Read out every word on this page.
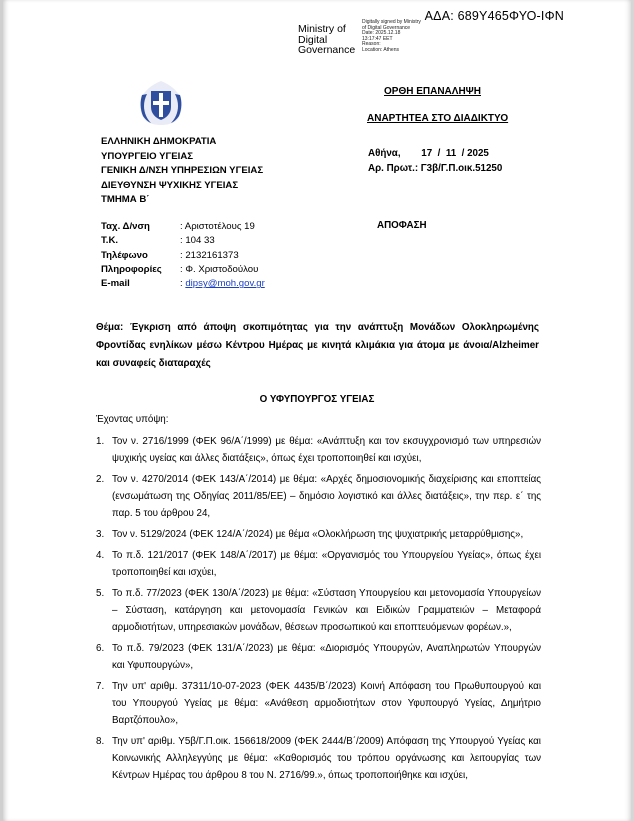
ΑΔΑ: 689Υ465ΦΥΟ-ΙΦΝ
Ministry of
Digital
Governance
Digitally signed by Ministry
of Digital Governance
Date: 2025.12.18
13:17:47 EET
Reason:
Location: Athens
ΟΡΘΗ ΕΠΑΝΑΛΗΨΗ
ΑΝΑΡΤΗΤΕΑ ΣΤΟ ΔΙΑΔΙΚΤΥΟ
ΕΛΛΗΝΙΚΗ ΔΗΜΟΚΡΑΤΙΑ
ΥΠΟΥΡΓΕΙΟ ΥΓΕΙΑΣ
ΓΕΝΙΚΗ Δ/ΝΣΗ ΥΠΗΡΕΣΙΩΝ ΥΓΕΙΑΣ
ΔΙΕΥΘΥΝΣΗ ΨΥΧΙΚΗΣ ΥΓΕΙΑΣ
ΤΜΗΜΑ Β΄
Αθήνα, 17  /  11  / 2025
Αρ. Πρωτ.: Γ3β/Γ.Π.οικ.51250
Ταχ. Δ/νση	: Αριστοτέλους 19
Τ.Κ.	: 104 33
Τηλέφωνο	: 2132161373
Πληροφορίες : Φ. Χριστοδούλου
E-mail	: dipsy@moh.gov.gr
ΑΠΟΦΑΣΗ
Θέμα: Έγκριση από άποψη σκοπιμότητας για την ανάπτυξη Μονάδων Ολοκληρωμένης Φροντίδας ενηλίκων μέσω Κέντρου Ημέρας με κινητά κλιμάκια για άτομα με άνοια/Alzheimer και συναφείς διαταραχές
Ο ΥΦΥΠΟΥΡΓΟΣ ΥΓΕΙΑΣ
Έχοντας υπόψη:
1. Τον ν. 2716/1999 (ΦΕΚ 96/Α΄/1999) με θέμα: «Ανάπτυξη και τον εκσυγχρονισμό των υπηρεσιών ψυχικής υγείας και άλλες διατάξεις», όπως έχει τροποποιηθεί και ισχύει,
2. Τον ν. 4270/2014 (ΦΕΚ 143/Α΄/2014) με θέμα: «Αρχές δημοσιονομικής διαχείρισης και εποπτείας (ενσωμάτωση της Οδηγίας 2011/85/ΕΕ) – δημόσιο λογιστικό και άλλες διατάξεις», την περ. ε΄ της παρ. 5 του άρθρου 24,
3. Τον ν. 5129/2024 (ΦΕΚ 124/Α΄/2024) με θέμα «Ολοκλήρωση της ψυχιατρικής μεταρρύθμισης»,
4. Το π.δ. 121/2017 (ΦΕΚ 148/Α΄/2017) με θέμα: «Οργανισμός του Υπουργείου Υγείας», όπως έχει τροποποιηθεί και ισχύει,
5. Το π.δ. 77/2023 (ΦΕΚ 130/Α΄/2023) με θέμα: «Σύσταση Υπουργείου και μετονομασία Υπουργείων – Σύσταση, κατάργηση και μετονομασία Γενικών και Ειδικών Γραμματειών – Μεταφορά αρμοδιοτήτων, υπηρεσιακών μονάδων, θέσεων προσωπικού και εποπτευόμενων φορέων.»,
6. Το π.δ. 79/2023 (ΦΕΚ 131/Α΄/2023) με θέμα: «Διορισμός Υπουργών, Αναπληρωτών Υπουργών και Υφυπουργών»,
7. Την υπ' αριθμ. 37311/10-07-2023 (ΦΕΚ 4435/Β΄/2023) Κοινή Απόφαση του Πρωθυπουργού και του Υπουργού Υγείας με θέμα: «Ανάθεση αρμοδιοτήτων στον Υφυπουργό Υγείας, Δημήτριο Βαρτζόπουλο»,
8. Την υπ' αριθμ. Υ5β/Γ.Π.οικ. 156618/2009 (ΦΕΚ 2444/Β΄/2009) Απόφαση της Υπουργού Υγείας και Κοινωνικής Αλληλεγγύης με θέμα: «Καθορισμός του τρόπου οργάνωσης και λειτουργίας των Κέντρων Ημέρας του άρθρου 8 του Ν. 2716/99.», όπως τροποποιήθηκε και ισχύει,
